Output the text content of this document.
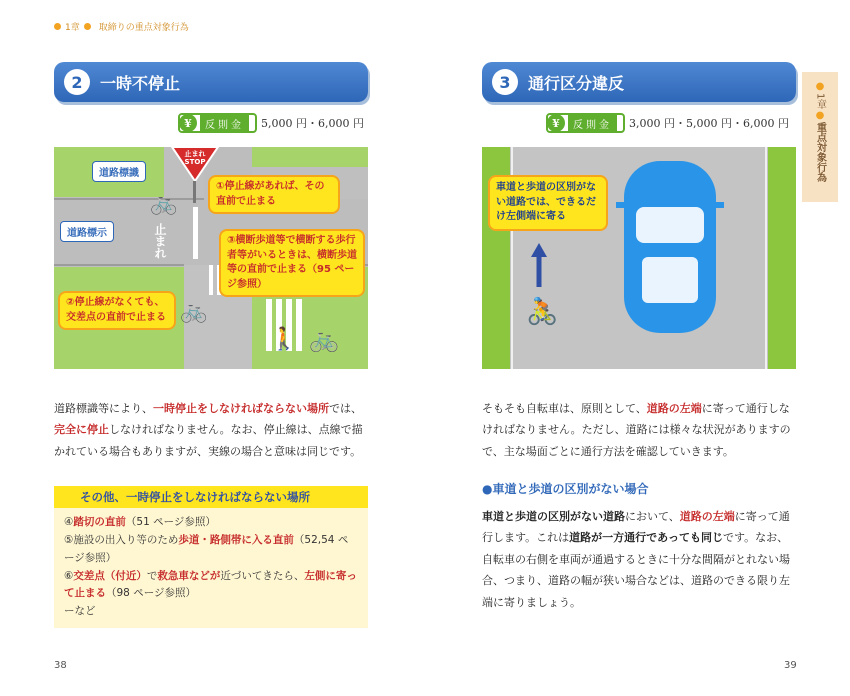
1章 取締りの重点対象行為
2	一時不停止
¥	反則金	5,000 円・6,000 円
止まれ
STOP
道路標識
道路標示	止まれ
①停止線があれば、その直前で止まる
③横断歩道等で横断する歩行者等がいるときは、横断歩道等の直前で止まる（95 ページ参照）
②停止線がなくても、交差点の直前で止まる
🚲
🚲
🚲
🚶
道路標識等により、一時停止をしなければならない場所では、完全に停止しなければなりません。なお、停止線は、点線で描かれている場合もありますが、実線の場合と意味は同じです。
その他、一時停止をしなければならない場所
④踏切の直前（51 ページ参照）
⑤施設の出入り等のため歩道・路側帯に入る直前（52,54 ページ参照）
⑥交差点（付近）で救急車などが近づいてきたら、左側に寄って止まる（98 ページ参照）
ーなど
38
3	通行区分違反
¥	反則金	3,000 円・5,000 円・6,000 円
車道と歩道の区別がない道路では、できるだけ左側端に寄る
🚴
そもそも自転車は、原則として、道路の左端に寄って通行しなければなりません。ただし、道路には様々な状況がありますので、主な場面ごとに通行方法を確認していきます。
●車道と歩道の区別がない場合
車道と歩道の区別がない道路において、道路の左端に寄って通行します。これは道路が一方通行であっても同じです。なお、自転車の右側を車両が通過するときに十分な間隔がとれない場合、つまり、道路の幅が狭い場合などは、道路のできる限り左端に寄りましょう。
39
●
1章
●
重点対象行為
